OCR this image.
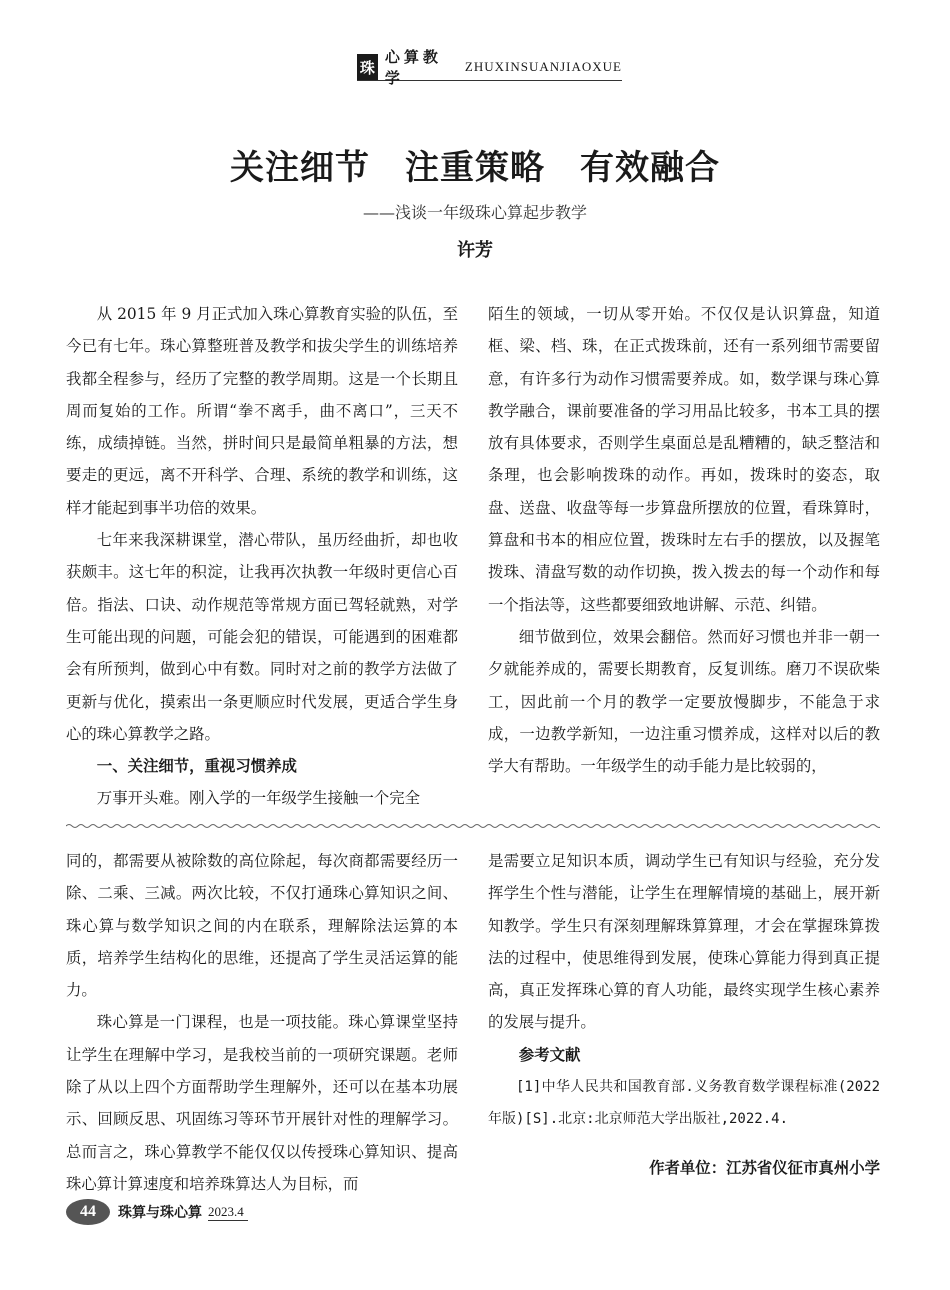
珠
心算教学
ZHUXINSUANJIAOXUE
关注细节　注重策略　有效融合
——浅谈一年级珠心算起步教学
许芳

从 2015 年 9 月正式加入珠心算教育实验的队伍，至今已有七年。珠心算整班普及教学和拔尖学生的训练培养我都全程参与，经历了完整的教学周期。这是一个长期且周而复始的工作。所谓“拳不离手，曲不离口”，三天不练，成绩掉链。当然，拼时间只是最简单粗暴的方法，想要走的更远，离不开科学、合理、系统的教学和训练，这样才能起到事半功倍的效果。

七年来我深耕课堂，潜心带队，虽历经曲折，却也收获颇丰。这七年的积淀，让我再次执教一年级时更信心百倍。指法、口诀、动作规范等常规方面已驾轻就熟，对学生可能出现的问题，可能会犯的错误，可能遇到的困难都会有所预判，做到心中有数。同时对之前的教学方法做了更新与优化，摸索出一条更顺应时代发展，更适合学生身心的珠心算教学之路。

一、关注细节，重视习惯养成

万事开头难。刚入学的一年级学生接触一个完全

陌生的领域，一切从零开始。不仅仅是认识算盘，知道框、梁、档、珠，在正式拨珠前，还有一系列细节需要留意，有许多行为动作习惯需要养成。如，数学课与珠心算教学融合，课前要准备的学习用品比较多，书本工具的摆放有具体要求，否则学生桌面总是乱糟糟的，缺乏整洁和条理，也会影响拨珠的动作。再如，拨珠时的姿态，取盘、送盘、收盘等每一步算盘所摆放的位置，看珠算时，算盘和书本的相应位置，拨珠时左右手的摆放，以及握笔拨珠、清盘写数的动作切换，拨入拨去的每一个动作和每一个指法等，这些都要细致地讲解、示范、纠错。

细节做到位，效果会翻倍。然而好习惯也并非一朝一夕就能养成的，需要长期教育，反复训练。磨刀不误砍柴工，因此前一个月的教学一定要放慢脚步，不能急于求成，一边教学新知，一边注重习惯养成，这样对以后的教学大有帮助。一年级学生的动手能力是比较弱的，

同的，都需要从被除数的高位除起，每次商都需要经历一除、二乘、三减。两次比较，不仅打通珠心算知识之间、珠心算与数学知识之间的内在联系，理解除法运算的本质，培养学生结构化的思维，还提高了学生灵活运算的能力。

珠心算是一门课程，也是一项技能。珠心算课堂坚持让学生在理解中学习，是我校当前的一项研究课题。老师除了从以上四个方面帮助学生理解外，还可以在基本功展示、回顾反思、巩固练习等环节开展针对性的理解学习。总而言之，珠心算教学不能仅仅以传授珠心算知识、提高珠心算计算速度和培养珠算达人为目标，而

是需要立足知识本质，调动学生已有知识与经验，充分发挥学生个性与潜能，让学生在理解情境的基础上，展开新知教学。学生只有深刻理解珠算算理，才会在掌握珠算拨法的过程中，使思维得到发展，使珠心算能力得到真正提高，真正发挥珠心算的育人功能，最终实现学生核心素养的发展与提升。

参考文献

[1]中华人民共和国教育部.义务教育数学课程标准(2022年版)[S].北京:北京师范大学出版社,2022.4.

作者单位：江苏省仪征市真州小学
44	珠算与珠心算 2023.4
